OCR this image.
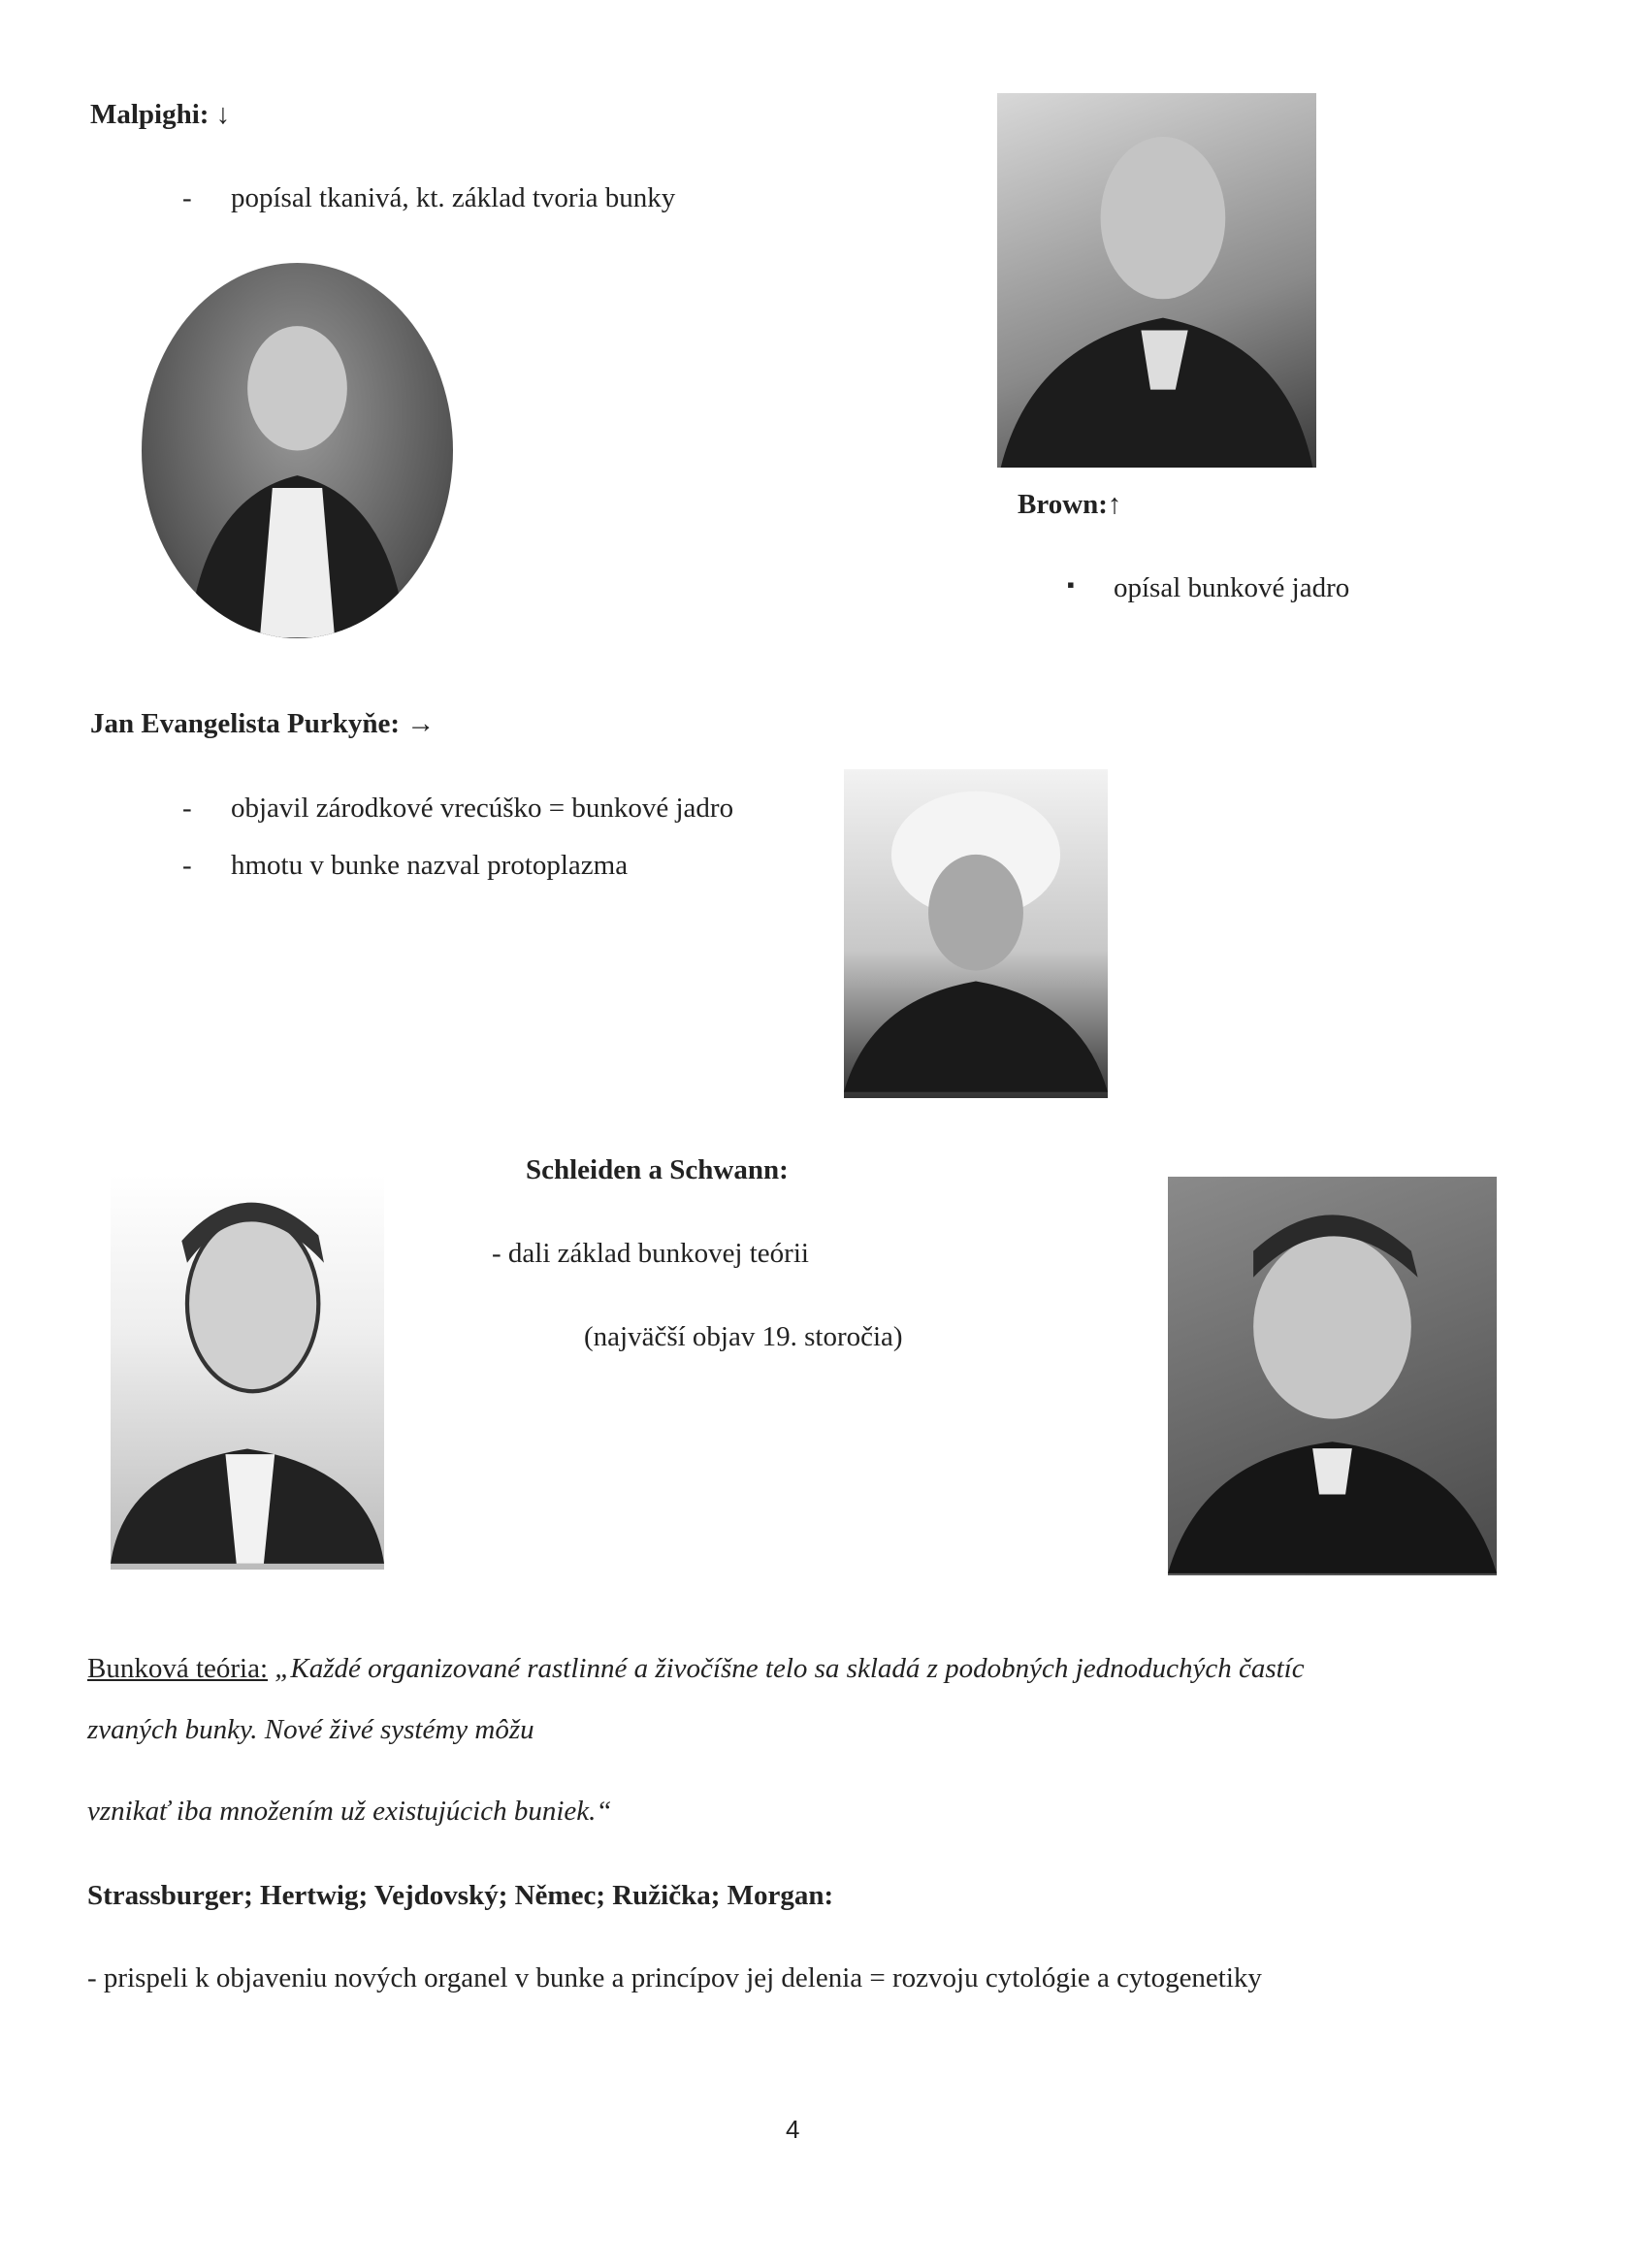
Malpighi: ↓
- popísal tkanivá, kt. základ tvoria bunky
Brown:↑
▪ opísal bunkové jadro
Jan Evangelista Purkyňe: →
- objavil zárodkové vrecúško = bunkové jadro
- hmotu v bunke nazval protoplazma
Schleiden a Schwann:
- dali základ bunkovej teórii
(najväčší objav 19. storočia)
Bunková teória: „Každé organizované rastlinné a živočíšne telo sa skladá z podobných jednoduchých častíc
zvaných bunky. Nové živé systémy môžu
vznikať iba množením už existujúcich buniek.“
Strassburger; Hertwig; Vejdovský; Němec; Ružička; Morgan:
- prispeli k objaveniu nových organel v bunke a princípov jej delenia = rozvoju cytológie a cytogenetiky
4
